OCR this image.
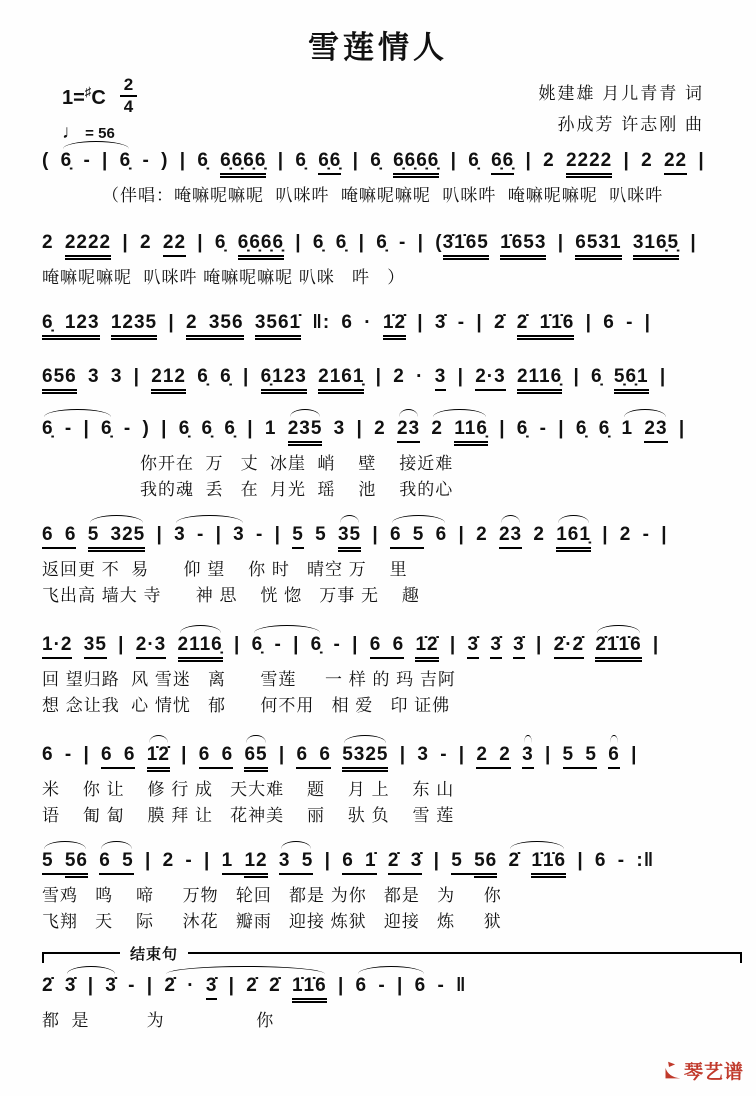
雪莲情人
$1=^♯C \frac{2}{4}$
♩ = 56
姚建雄 月儿青青 词
孙成芳 许志刚 曲
( 6̣ - | 6̣ - ) | 6̣ 6̣6̣6̣6̣ | 6̣ 6̣6̣ | 6̣ 6̣6̣6̣6̣ | 6̣ 6̣6̣ | 2 2222 | 2 22 |
（伴唱：唵嘛呢嘛呢  叭咪吽  唵嘛呢嘛呢  叭咪吽  唵嘛呢嘛呢  叭咪吽
2 2222 | 2 22 | 6̣ 6̣6̣6̣6̣ | 6̣ 6̣ | 6̣ - | (3̇1̇65 1̇653 | 6531 316̣5̣ |
唵嘛呢嘛呢  叭咪吽 唵嘛呢嘛呢 叭咪   吽   ）
6̣ 123 1235 | 2 356 3561̇ ‖: 6 · 1̇2̇ | 3̇ - | 2̇ 2̇ 1̇1̇6 | 6 - |
656 3 3 | 212 6̣ 6̣ | 6̣123 2161̣ | 2 · 3 | 2·3 2116̣ | 6̣ 5̣6̣1 |
6̣ - | 6̣ - ) | 6̣ 6̣ 6̣ | 1 235 3 | 2 23 2 116̣ | 6̣ - | 6̣ 6̣ 1 23 |
你开在  万   丈  冰崖  峭    壁    接近难
我的魂  丢   在  月光  瑶    池    我的心
6 6 5 325 | 3 - | 3 - | 5 5 35 | 6 5 6 | 2 23 2 161̣ | 2 - |
返回更 不  易      仰 望    你 时   晴空 万    里
飞出高 墙大 寺      神 思    恍 惚   万事 无    趣
1·2 35 | 2·3 2116̣ | 6̣ - | 6̣ - | 6 6 1̇2̇ | 3̇ 3̇ 3̇ | 2̇·2̇ 2̇1̇1̇6 |
回 望归路  风 雪迷   离      雪莲     一 样 的 玛 吉阿
想 念让我  心 情忧   郁      何不用   相 爱   印 证佛
6 - | 6 6 1̇2̇ | 6 6 65 | 6 6 5325 | 3 - | 2 2 3 | 5 5 6 |
米    你 让    修 行 成   天大难    题    月 上    东 山
语    匍 匐    膜 拜 让   花神美    丽    驮 负    雪 莲
5 56 6 5 | 2 - | 1 12 3 5 | 6 1̇ 2̇ 3̇ | 5 56 2̇ 1̇1̇6 | 6 - :‖
雪鸡   鸣    啼     万物   轮回   都是 为你   都是   为     你
飞翔   天    际     沐花   瓣雨   迎接 炼狱   迎接   炼     狱
结束句
2̇ 3̇ | 3̇ - | 2̇ · 3̇ | 2̇ 2̇ 1̇1̇6 | 6 - | 6 - ‖
都  是          为                你
琴艺谱
